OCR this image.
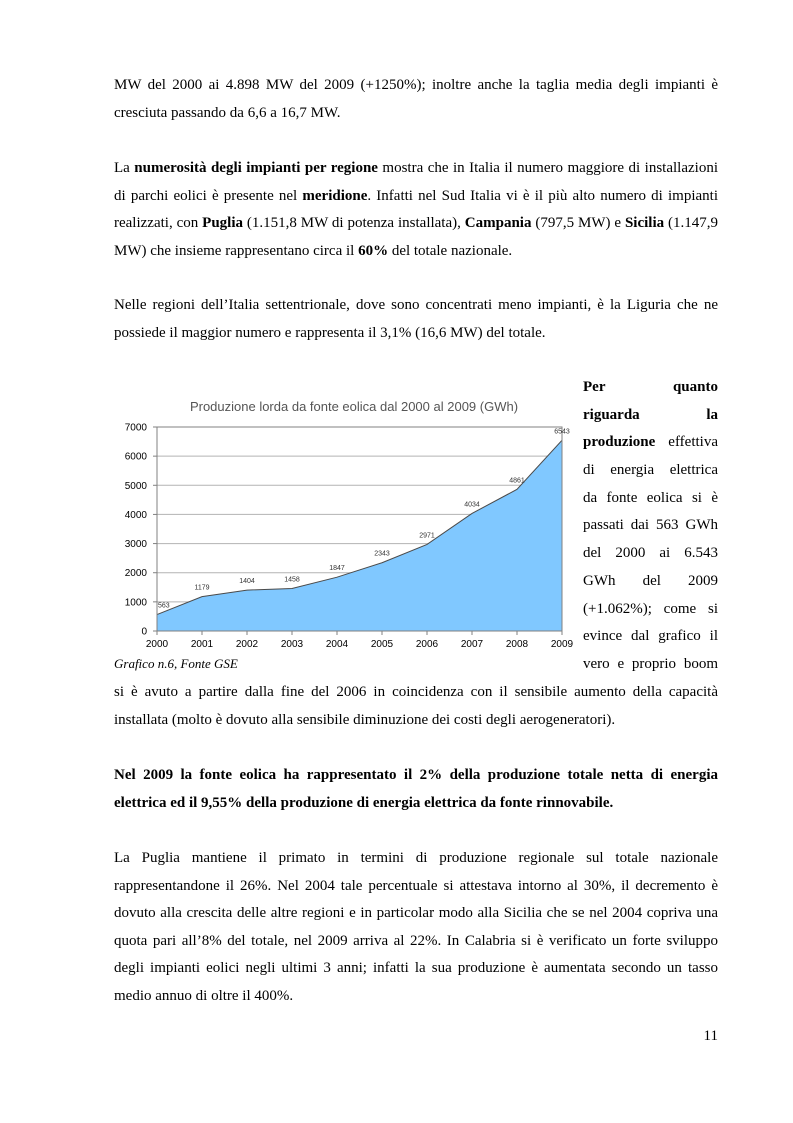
MW del 2000 ai 4.898 MW del 2009 (+1250%); inoltre anche la taglia media degli impianti è cresciuta passando da 6,6 a 16,7 MW.

La numerosità degli impianti per regione mostra che in Italia il numero maggiore di installazioni di parchi eolici è presente nel meridione. Infatti nel Sud Italia vi è il più alto numero di impianti realizzati, con Puglia (1.151,8 MW di potenza installata), Campania (797,5 MW) e Sicilia (1.147,9 MW) che insieme rappresentano circa il 60% del totale nazionale.

Nelle regioni dell’Italia settentrionale, dove sono concentrati meno impianti, è la Liguria che ne possiede il maggior numero e rappresenta il 3,1% (16,6 MW) del totale.

Produzione lorda da fonte eolica dal 2000 al 2009 (GWh)
0
1000
2000
3000
4000
5000
6000
7000
2000 2001 2002 2003 2004 2005 2006 2007 2008 2009
563
1179
1404	1458
1847
2343
2971
4034
4861
6543
Grafico n.6, Fonte GSE
Per	quanto
riguarda	la
produzione effettiva
di energia elettrica
da fonte eolica si è
passati dai 563 GWh
del 2000 ai 6.543
GWh del 2009
(+1.062%); come si
evince dal grafico il
vero e proprio boom

si è avuto a partire dalla fine del 2006 in coincidenza con il sensibile aumento della capacità installata (molto è dovuto alla sensibile diminuzione dei costi degli aerogeneratori).

Nel 2009 la fonte eolica ha rappresentato il 2% della produzione totale netta di energia elettrica ed il 9,55% della produzione di energia elettrica da fonte rinnovabile.

La Puglia mantiene il primato in termini di produzione regionale sul totale nazionale rappresentandone il 26%. Nel 2004 tale percentuale si attestava intorno al 30%, il decremento è dovuto alla crescita delle altre regioni e in particolar modo alla Sicilia che se nel 2004 copriva una quota pari all’8% del totale, nel 2009 arriva al 22%. In Calabria si è verificato un forte sviluppo degli impianti eolici negli ultimi 3 anni; infatti la sua produzione è aumentata secondo un tasso medio annuo di oltre il 400%.

11
